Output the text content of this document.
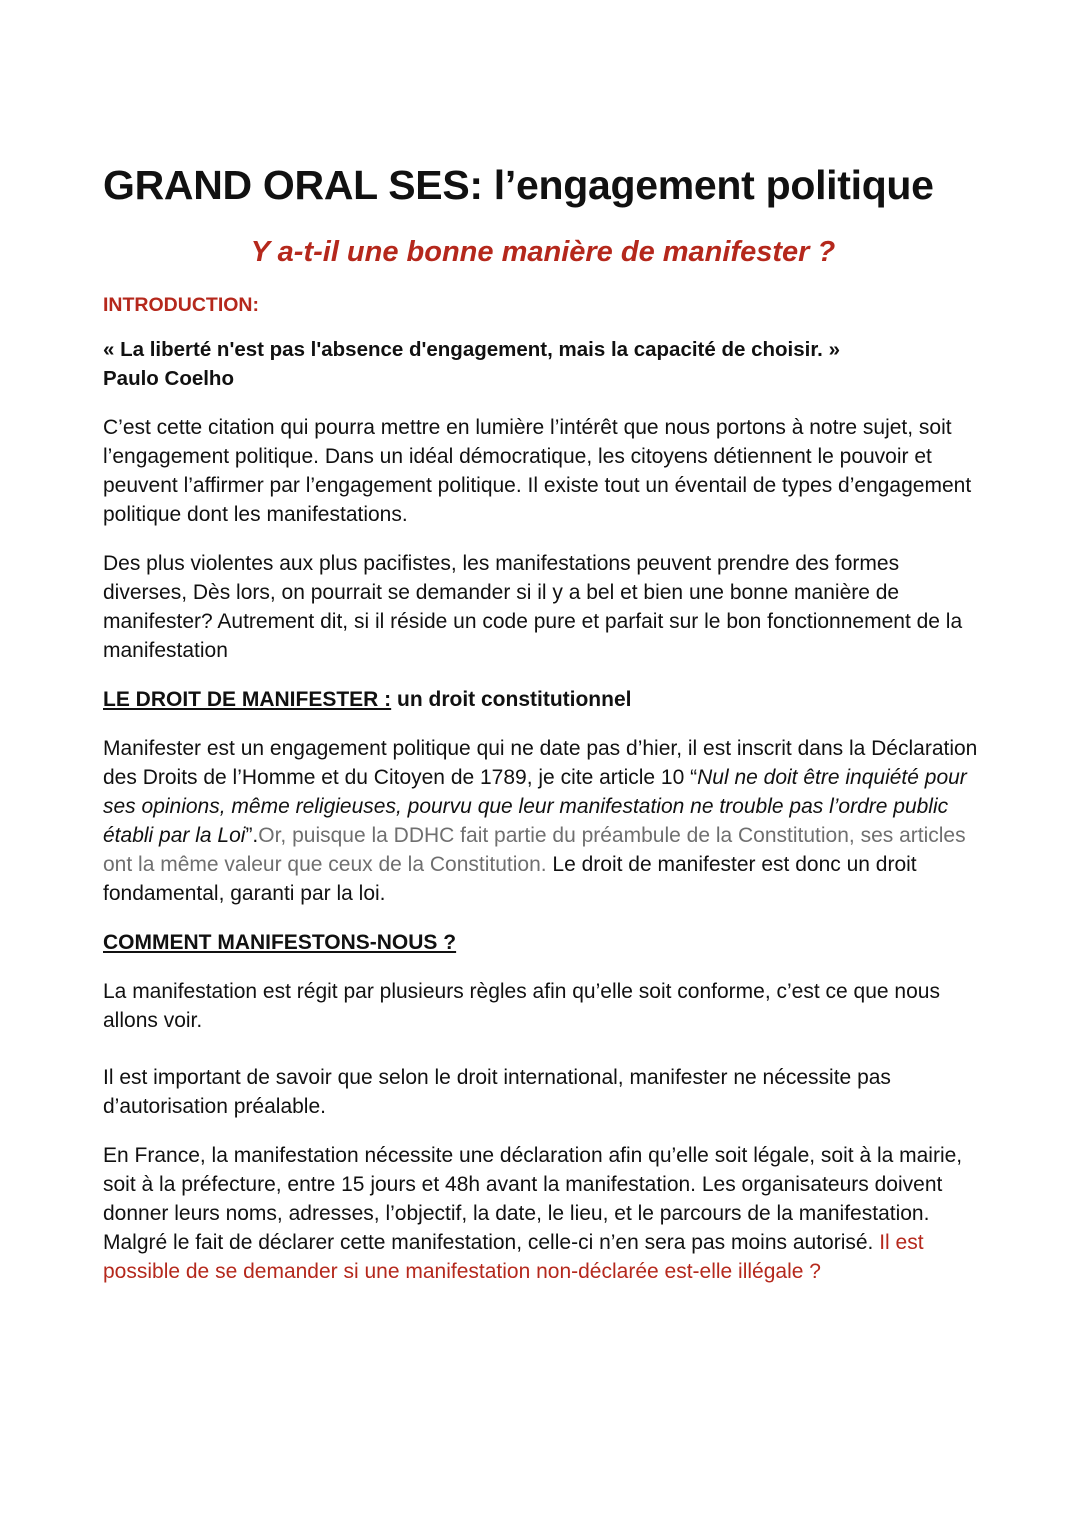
GRAND ORAL SES: l’engagement politique
Y a-t-il une bonne manière de manifester ?
INTRODUCTION:
« La liberté n'est pas l'absence d'engagement, mais la capacité de choisir. »
Paulo Coelho

C’est cette citation qui pourra mettre en lumière l’intérêt que nous portons à notre sujet, soit l’engagement politique. Dans un idéal démocratique, les citoyens détiennent le pouvoir et peuvent l’affirmer par l’engagement politique. Il existe tout un éventail de types d’engagement politique dont les manifestations.

Des plus violentes aux plus pacifistes, les manifestations peuvent prendre des formes diverses, Dès lors, on pourrait se demander si il y a bel et bien une bonne manière de manifester? Autrement dit, si il réside un code pure et parfait sur le bon fonctionnement de la manifestation

LE DROIT DE MANIFESTER : un droit constitutionnel

Manifester est un engagement politique qui ne date pas d’hier, il est inscrit dans la Déclaration des Droits de l’Homme et du Citoyen de 1789, je cite article 10 “Nul ne doit être inquiété pour ses opinions, même religieuses, pourvu que leur manifestation ne trouble pas l’ordre public établi par la Loi”.Or, puisque la DDHC fait partie du préambule de la Constitution, ses articles ont la même valeur que ceux de la Constitution. Le droit de manifester est donc un droit fondamental, garanti par la loi.

COMMENT MANIFESTONS-NOUS ?

La manifestation est régit par plusieurs règles afin qu’elle soit conforme, c’est ce que nous allons voir.

Il est important de savoir que selon le droit international, manifester ne nécessite pas d’autorisation préalable.

En France, la manifestation nécessite une déclaration afin qu’elle soit légale, soit à la mairie, soit à la préfecture, entre 15 jours et 48h avant la manifestation. Les organisateurs doivent donner leurs noms, adresses, l’objectif, la date, le lieu, et le parcours de la manifestation. Malgré le fait de déclarer cette manifestation, celle-ci n’en sera pas moins autorisé. Il est possible de se demander si une manifestation non-déclarée est-elle illégale ?
